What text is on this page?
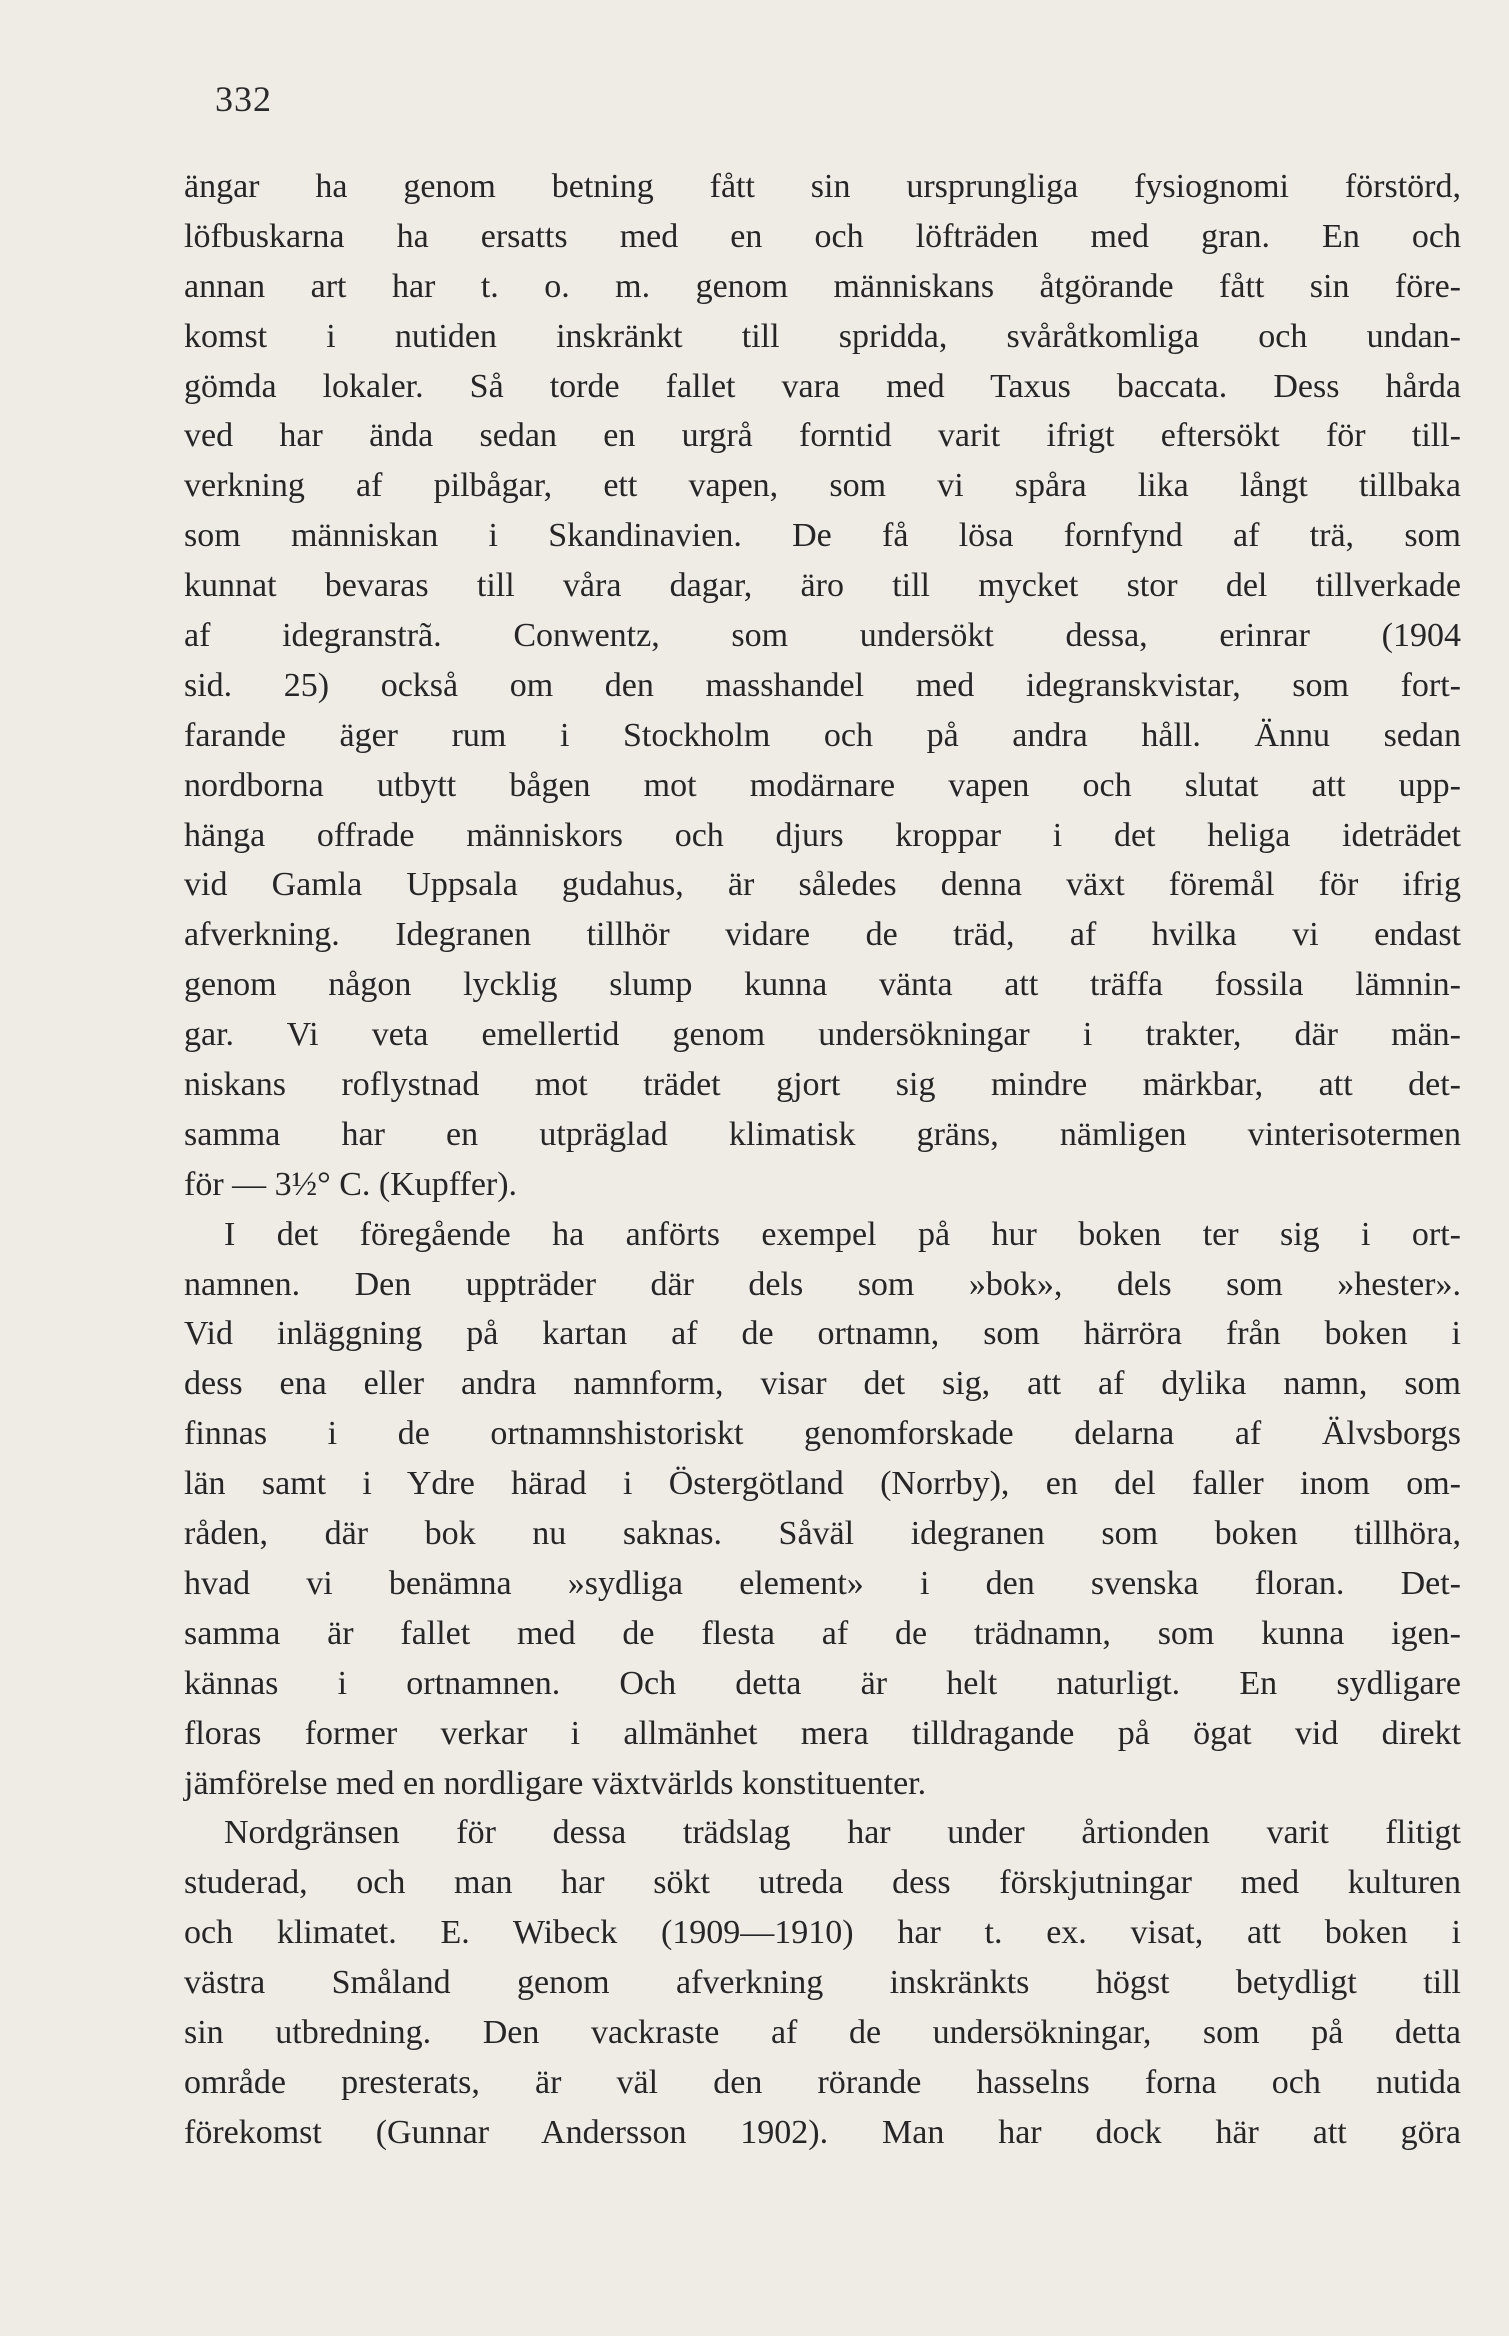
332
ängar ha genom betning fått sin ursprungliga fysiognomi förstörd,
löfbuskarna ha ersatts med en och löfträden med gran. En och
annan art har t. o. m. genom människans åtgörande fått sin före-
komst i nutiden inskränkt till spridda, svåråtkomliga och undan-
gömda lokaler. Så torde fallet vara med Taxus baccata. Dess hårda
ved har ända sedan en urgrå forntid varit ifrigt eftersökt för till-
verkning af pilbågar, ett vapen, som vi spåra lika långt tillbaka
som människan i Skandinavien. De få lösa fornfynd af trä, som
kunnat bevaras till våra dagar, äro till mycket stor del tillverkade
af idegranstrã. Conwentz, som undersökt dessa, erinrar (1904
sid. 25) också om den masshandel med idegranskvistar, som fort-
farande äger rum i Stockholm och på andra håll. Ännu sedan
nordborna utbytt bågen mot modärnare vapen och slutat att upp-
hänga offrade människors och djurs kroppar i det heliga ideträdet
vid Gamla Uppsala gudahus, är således denna växt föremål för ifrig
afverkning. Idegranen tillhör vidare de träd, af hvilka vi endast
genom någon lycklig slump kunna vänta att träffa fossila lämnin-
gar. Vi veta emellertid genom undersökningar i trakter, där män-
niskans roflystnad mot trädet gjort sig mindre märkbar, att det-
samma har en utpräglad klimatisk gräns, nämligen vinterisotermen
för — 3½° C. (Kupffer).
I det föregående ha anförts exempel på hur boken ter sig i ort-
namnen. Den uppträder där dels som »bok», dels som »hester».
Vid inläggning på kartan af de ortnamn, som härröra från boken i
dess ena eller andra namnform, visar det sig, att af dylika namn, som
finnas i de ortnamnshistoriskt genomforskade delarna af Älvsborgs
län samt i Ydre härad i Östergötland (Norrby), en del faller inom om-
råden, där bok nu saknas. Såväl idegranen som boken tillhöra,
hvad vi benämna »sydliga element» i den svenska floran. Det-
samma är fallet med de flesta af de trädnamn, som kunna igen-
kännas i ortnamnen. Och detta är helt naturligt. En sydligare
floras former verkar i allmänhet mera tilldragande på ögat vid direkt
jämförelse med en nordligare växtvärlds konstituenter.
Nordgränsen för dessa trädslag har under årtionden varit flitigt
studerad, och man har sökt utreda dess förskjutningar med kulturen
och klimatet. E. Wibeck (1909—1910) har t. ex. visat, att boken i
västra Småland genom afverkning inskränkts högst betydligt till
sin utbredning. Den vackraste af de undersökningar, som på detta
område presterats, är väl den rörande hasselns forna och nutida
förekomst (Gunnar Andersson 1902). Man har dock här att göra
